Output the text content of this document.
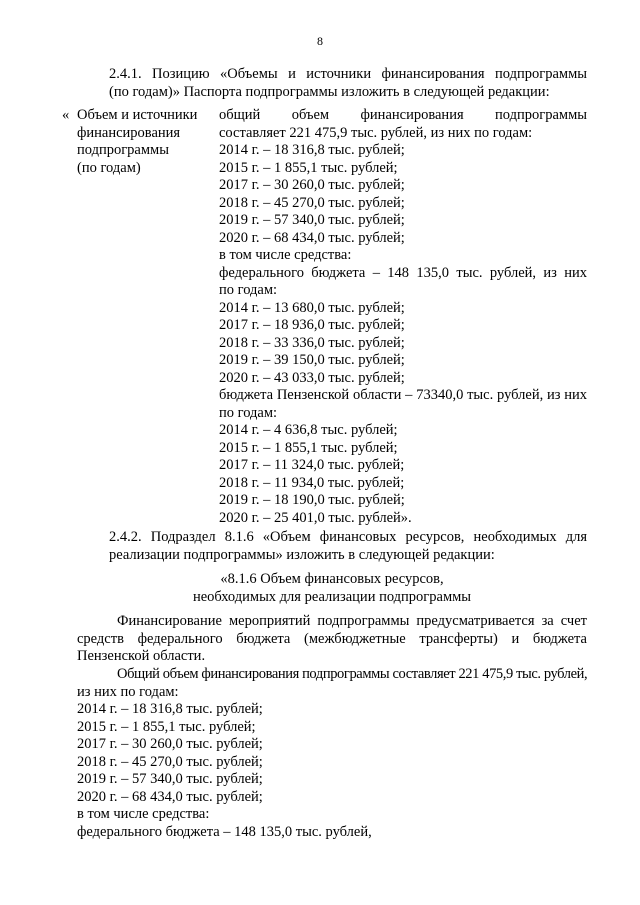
8
2.4.1. Позицию «Объемы и источники финансирования подпрограммы
(по годам)» Паспорта подпрограммы изложить в следующей редакции:
« Объем и источники
финансирования
подпрограммы
(по годам)
общий объем финансирования подпрограммы
составляет 221 475,9 тыс. рублей, из них по годам:
2014 г. – 18 316,8 тыс. рублей;
2015 г. – 1 855,1 тыс. рублей;
2017 г. – 30 260,0 тыс. рублей;
2018 г. – 45 270,0 тыс. рублей;
2019 г. – 57 340,0 тыс. рублей;
2020 г. – 68 434,0 тыс. рублей;
в том числе средства:
федерального бюджета – 148 135,0 тыс. рублей, из них
по годам:
2014 г. – 13 680,0 тыс. рублей;
2017 г. – 18 936,0 тыс. рублей;
2018 г. – 33 336,0 тыс. рублей;
2019 г. – 39 150,0 тыс. рублей;
2020 г. – 43 033,0 тыс. рублей;
бюджета Пензенской области – 73340,0 тыс. рублей, из них
по годам:
2014 г. – 4 636,8 тыс. рублей;
2015 г. – 1 855,1 тыс. рублей;
2017 г. – 11 324,0 тыс. рублей;
2018 г. – 11 934,0 тыс. рублей;
2019 г. – 18 190,0 тыс. рублей;
2020 г. – 25 401,0 тыс. рублей».
2.4.2. Подраздел 8.1.6 «Объем финансовых ресурсов, необходимых для
реализации подпрограммы» изложить в следующей редакции:
«8.1.6 Объем финансовых ресурсов,
необходимых для реализации подпрограммы
Финансирование мероприятий подпрограммы предусматривается за счет
средств федерального бюджета (межбюджетные трансферты) и бюджета
Пензенской области.
Общий объем финансирования подпрограммы составляет 221 475,9 тыс. рублей,
из них по годам:
2014 г. – 18 316,8 тыс. рублей;
2015 г. – 1 855,1 тыс. рублей;
2017 г. – 30 260,0 тыс. рублей;
2018 г. – 45 270,0 тыс. рублей;
2019 г. – 57 340,0 тыс. рублей;
2020 г. – 68 434,0 тыс. рублей;
в том числе средства:
федерального бюджета – 148 135,0 тыс. рублей,
